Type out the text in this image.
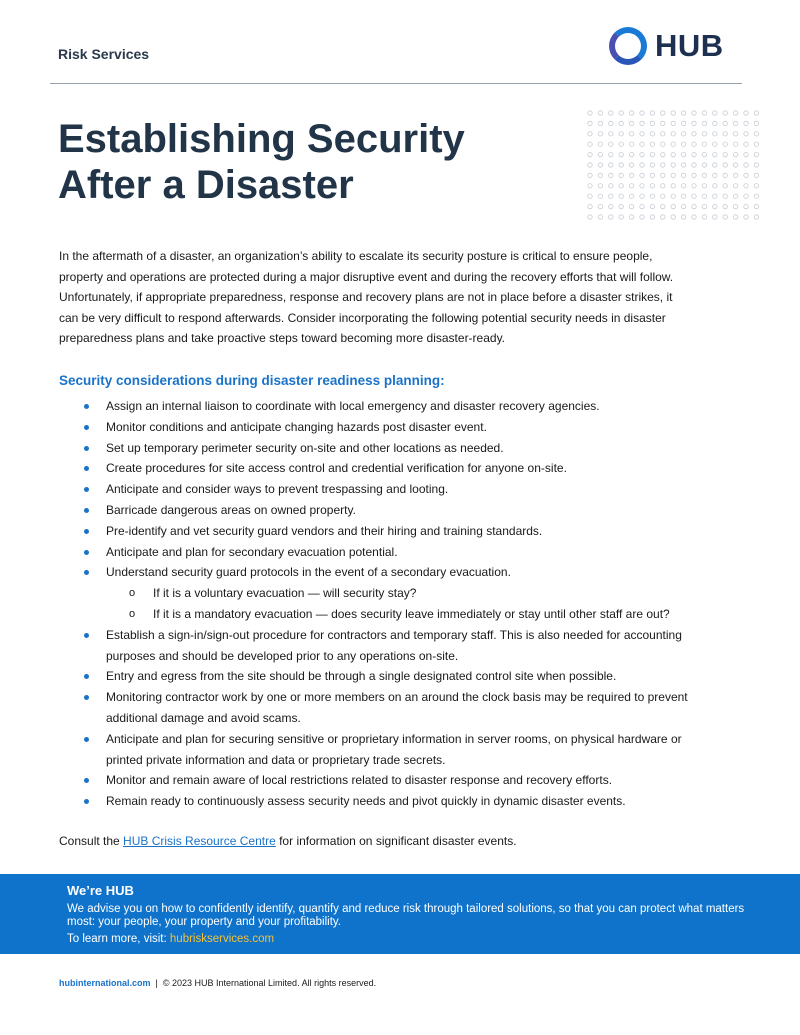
Risk Services	HUB
Establishing Security
After a Disaster

In the aftermath of a disaster, an organization’s ability to escalate its security posture is critical to ensure people, property and operations are protected during a major disruptive event and during the recovery efforts that will follow. Unfortunately, if appropriate preparedness, response and recovery plans are not in place before a disaster strikes, it can be very difficult to respond afterwards. Consider incorporating the following potential security needs in disaster preparedness plans and take proactive steps toward becoming more disaster-ready.

Security considerations during disaster readiness planning:
Assign an internal liaison to coordinate with local emergency and disaster recovery agencies.
Monitor conditions and anticipate changing hazards post disaster event.
Set up temporary perimeter security on-site and other locations as needed.
Create procedures for site access control and credential verification for anyone on-site.
Anticipate and consider ways to prevent trespassing and looting.
Barricade dangerous areas on owned property.
Pre-identify and vet security guard vendors and their hiring and training standards.
Anticipate and plan for secondary evacuation potential.
Understand security guard protocols in the event of a secondary evacuation.
o If it is a voluntary evacuation — will security stay?
o If it is a mandatory evacuation — does security leave immediately or stay until other staff are out?
Establish a sign-in/sign-out procedure for contractors and temporary staff. This is also needed for accounting purposes and should be developed prior to any operations on-site.
Entry and egress from the site should be through a single designated control site when possible.
Monitoring contractor work by one or more members on an around the clock basis may be required to prevent additional damage and avoid scams.
Anticipate and plan for securing sensitive or proprietary information in server rooms, on physical hardware or printed private information and data or proprietary trade secrets.
Monitor and remain aware of local restrictions related to disaster response and recovery efforts.
Remain ready to continuously assess security needs and pivot quickly in dynamic disaster events.

Consult the HUB Crisis Resource Centre for information on significant disaster events.

We’re HUB

We advise you on how to confidently identify, quantify and reduce risk through tailored solutions, so that you can protect what matters most: your people, your property and your profitability.

To learn more, visit: hubriskservices.com

hubinternational.com | © 2023 HUB International Limited. All rights reserved.
